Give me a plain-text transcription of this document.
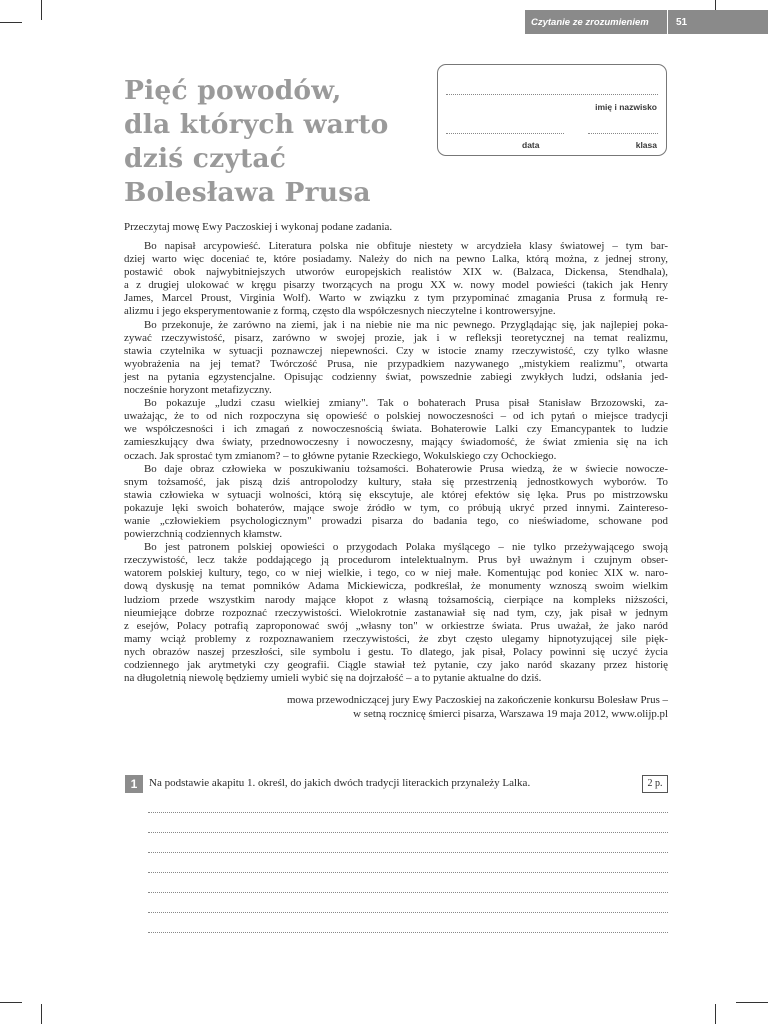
Czytanie ze zrozumieniem	51
Pięć powodów,
dla których warto
dziś czytać
Bolesława Prusa
imię i nazwisko
data	klasa

Przeczytaj mowę Ewy Paczoskiej i wykonaj podane zadania.

Bo napisał arcypowieść. Literatura polska nie obfituje niestety w arcydzieła klasy światowej – tym bar- dziej warto więc doceniać te, które posiadamy. Należy do nich na pewno Lalka, którą można, z jednej strony, postawić obok najwybitniejszych utworów europejskich realistów XIX w. (Balzaca, Dickensa, Stendhala), a z drugiej ulokować w kręgu pisarzy tworzących na progu XX w. nowy model powieści (takich jak Henry James, Marcel Proust, Virginia Wolf). Warto w związku z tym przypominać zmagania Prusa z formułą re- alizmu i jego eksperymentowanie z formą, często dla współczesnych nieczytelne i kontrowersyjne.

Bo przekonuje, że zarówno na ziemi, jak i na niebie nie ma nic pewnego. Przyglądając się, jak najlepiej poka- zywać rzeczywistość, pisarz, zarówno w swojej prozie, jak i w refleksji teoretycznej na temat realizmu, stawia czytelnika w sytuacji poznawczej niepewności. Czy w istocie znamy rzeczywistość, czy tylko własne wyobrażenia na jej temat? Twórczość Prusa, nie przypadkiem nazywanego „mistykiem realizmu", otwarta jest na pytania egzystencjalne. Opisując codzienny świat, powszednie zabiegi zwykłych ludzi, odsłania jed- nocześnie horyzont metafizyczny.

Bo pokazuje „ludzi czasu wielkiej zmiany". Tak o bohaterach Prusa pisał Stanisław Brzozowski, za- uważając, że to od nich rozpoczyna się opowieść o polskiej nowoczesności – od ich pytań o miejsce tradycji we współczesności i ich zmagań z nowoczesnością świata. Bohaterowie Lalki czy Emancypantek to ludzie zamieszkujący dwa światy, przednowoczesny i nowoczesny, mający świadomość, że świat zmienia się na ich oczach. Jak sprostać tym zmianom? – to główne pytanie Rzeckiego, Wokulskiego czy Ochockiego.

Bo daje obraz człowieka w poszukiwaniu tożsamości. Bohaterowie Prusa wiedzą, że w świecie nowocze- snym tożsamość, jak piszą dziś antropolodzy kultury, stała się przestrzenią jednostkowych wyborów. To stawia człowieka w sytuacji wolności, którą się ekscytuje, ale której efektów się lęka. Prus po mistrzowsku pokazuje lęki swoich bohaterów, mające swoje źródło w tym, co próbują ukryć przed innymi. Zaintereso- wanie „człowiekiem psychologicznym" prowadzi pisarza do badania tego, co nieświadome, schowane pod powierzchnią codziennych kłamstw.

Bo jest patronem polskiej opowieści o przygodach Polaka myślącego – nie tylko przeżywającego swoją rzeczywistość, lecz także poddającego ją procedurom intelektualnym. Prus był uważnym i czujnym obser- watorem polskiej kultury, tego, co w niej wielkie, i tego, co w niej małe. Komentując pod koniec XIX w. naro- dową dyskusję na temat pomników Adama Mickiewicza, podkreślał, że monumenty wznoszą swoim wielkim ludziom przede wszystkim narody mające kłopot z własną tożsamością, cierpiące na kompleks niższości, nieumiejące dobrze rozpoznać rzeczywistości. Wielokrotnie zastanawiał się nad tym, czy, jak pisał w jednym z esejów, Polacy potrafią zaproponować swój „własny ton" w orkiestrze świata. Prus uważał, że jako naród mamy wciąż problemy z rozpoznawaniem rzeczywistości, że zbyt często ulegamy hipnotyzującej sile pięk- nych obrazów naszej przeszłości, sile symbolu i gestu. To dlatego, jak pisał, Polacy powinni się uczyć życia codziennego jak arytmetyki czy geografii. Ciągle stawiał też pytanie, czy jako naród skazany przez historię na długoletnią niewolę będziemy umieli wybić się na dojrzałość – a to pytanie aktualne do dziś.

mowa przewodniczącej jury Ewy Paczoskiej na zakończenie konkursu Bolesław Prus –
w setną rocznicę śmierci pisarza, Warszawa 19 maja 2012, www.olijp.pl

1	Na podstawie akapitu 1. określ, do jakich dwóch tradycji literackich przynależy Lalka.	2 p.
